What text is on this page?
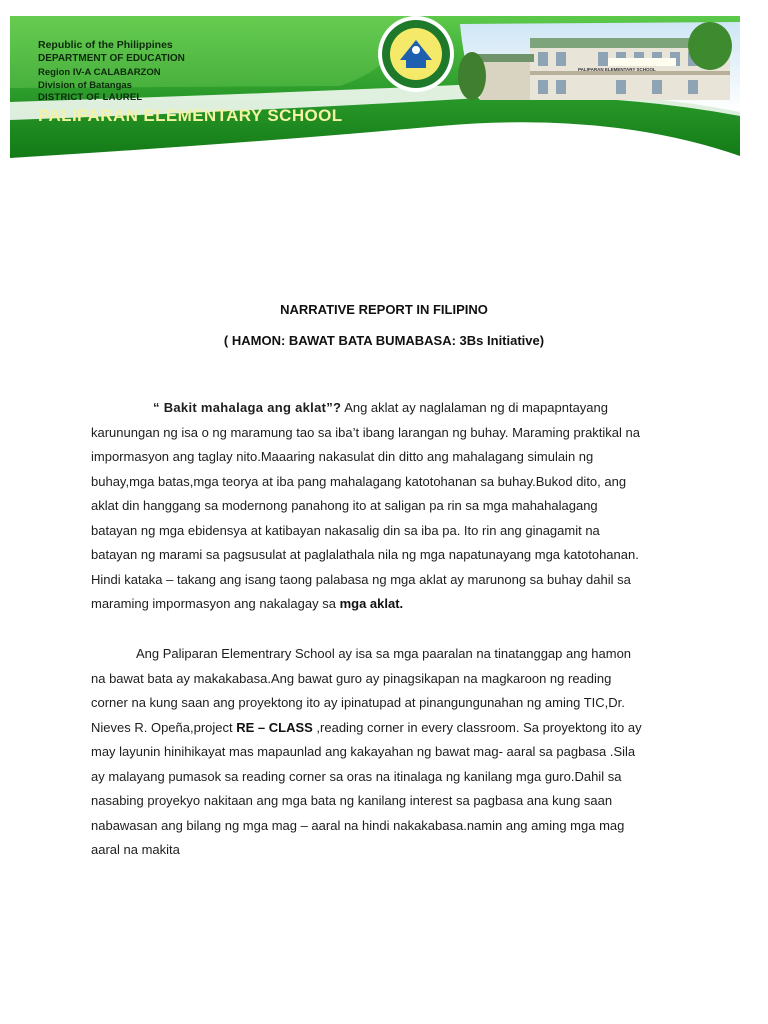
Republic of the Philippines
DEPARTMENT OF EDUCATION
Region IV-A CALABARZON
Division of Batangas
DISTRICT OF LAUREL
PALIPARAN ELEMENTARY SCHOOL
PALIPARAN ELEMENTARY SCHOOL
NARRATIVE REPORT IN FILIPINO
( HAMON: BAWAT BATA BUMABASA: 3Bs Initiative)
“ Bakit mahalaga ang aklat”? Ang aklat ay naglalaman ng di mapapntayang
karunungan ng isa o ng maramung tao sa iba’t ibang larangan ng buhay. Maraming praktikal na
impormasyon ang taglay nito.Maaaring nakasulat din ditto ang mahalagang simulain ng
buhay,mga batas,mga teorya at iba pang mahalagang katotohanan sa buhay.Bukod dito, ang
aklat din hanggang sa modernong panahong ito at saligan pa rin sa mga mahahalagang
batayan ng mga ebidensya at katibayan nakasalig din sa iba pa. Ito rin ang ginagamit na
batayan ng marami sa pagsusulat at paglalathala nila ng mga napatunayang mga katotohanan.
Hindi kataka – takang ang isang taong palabasa ng mga aklat ay marunong sa buhay dahil sa
maraming impormasyon ang nakalagay sa mga aklat.
Ang Paliparan Elementrary School ay isa sa mga paaralan na tinatanggap ang hamon
na bawat bata ay makakabasa.Ang bawat guro ay pinagsikapan na magkaroon ng reading
corner na kung saan ang proyektong ito ay ipinatupad at pinangungunahan ng aming TIC,Dr.
Nieves R. Opeña,project RE – CLASS ,reading corner in every classroom. Sa proyektong ito ay
may layunin hinihikayat mas mapaunlad ang kakayahan ng bawat mag- aaral sa pagbasa .Sila
ay malayang pumasok sa reading corner sa oras na itinalaga ng kanilang mga guro.Dahil sa
nasabing proyekyo nakitaan ang mga bata ng kanilang interest sa pagbasa ana kung saan
nabawasan ang bilang ng mga mag – aaral na hindi nakakabasa.namin ang aming mga mag
aaral na makita
